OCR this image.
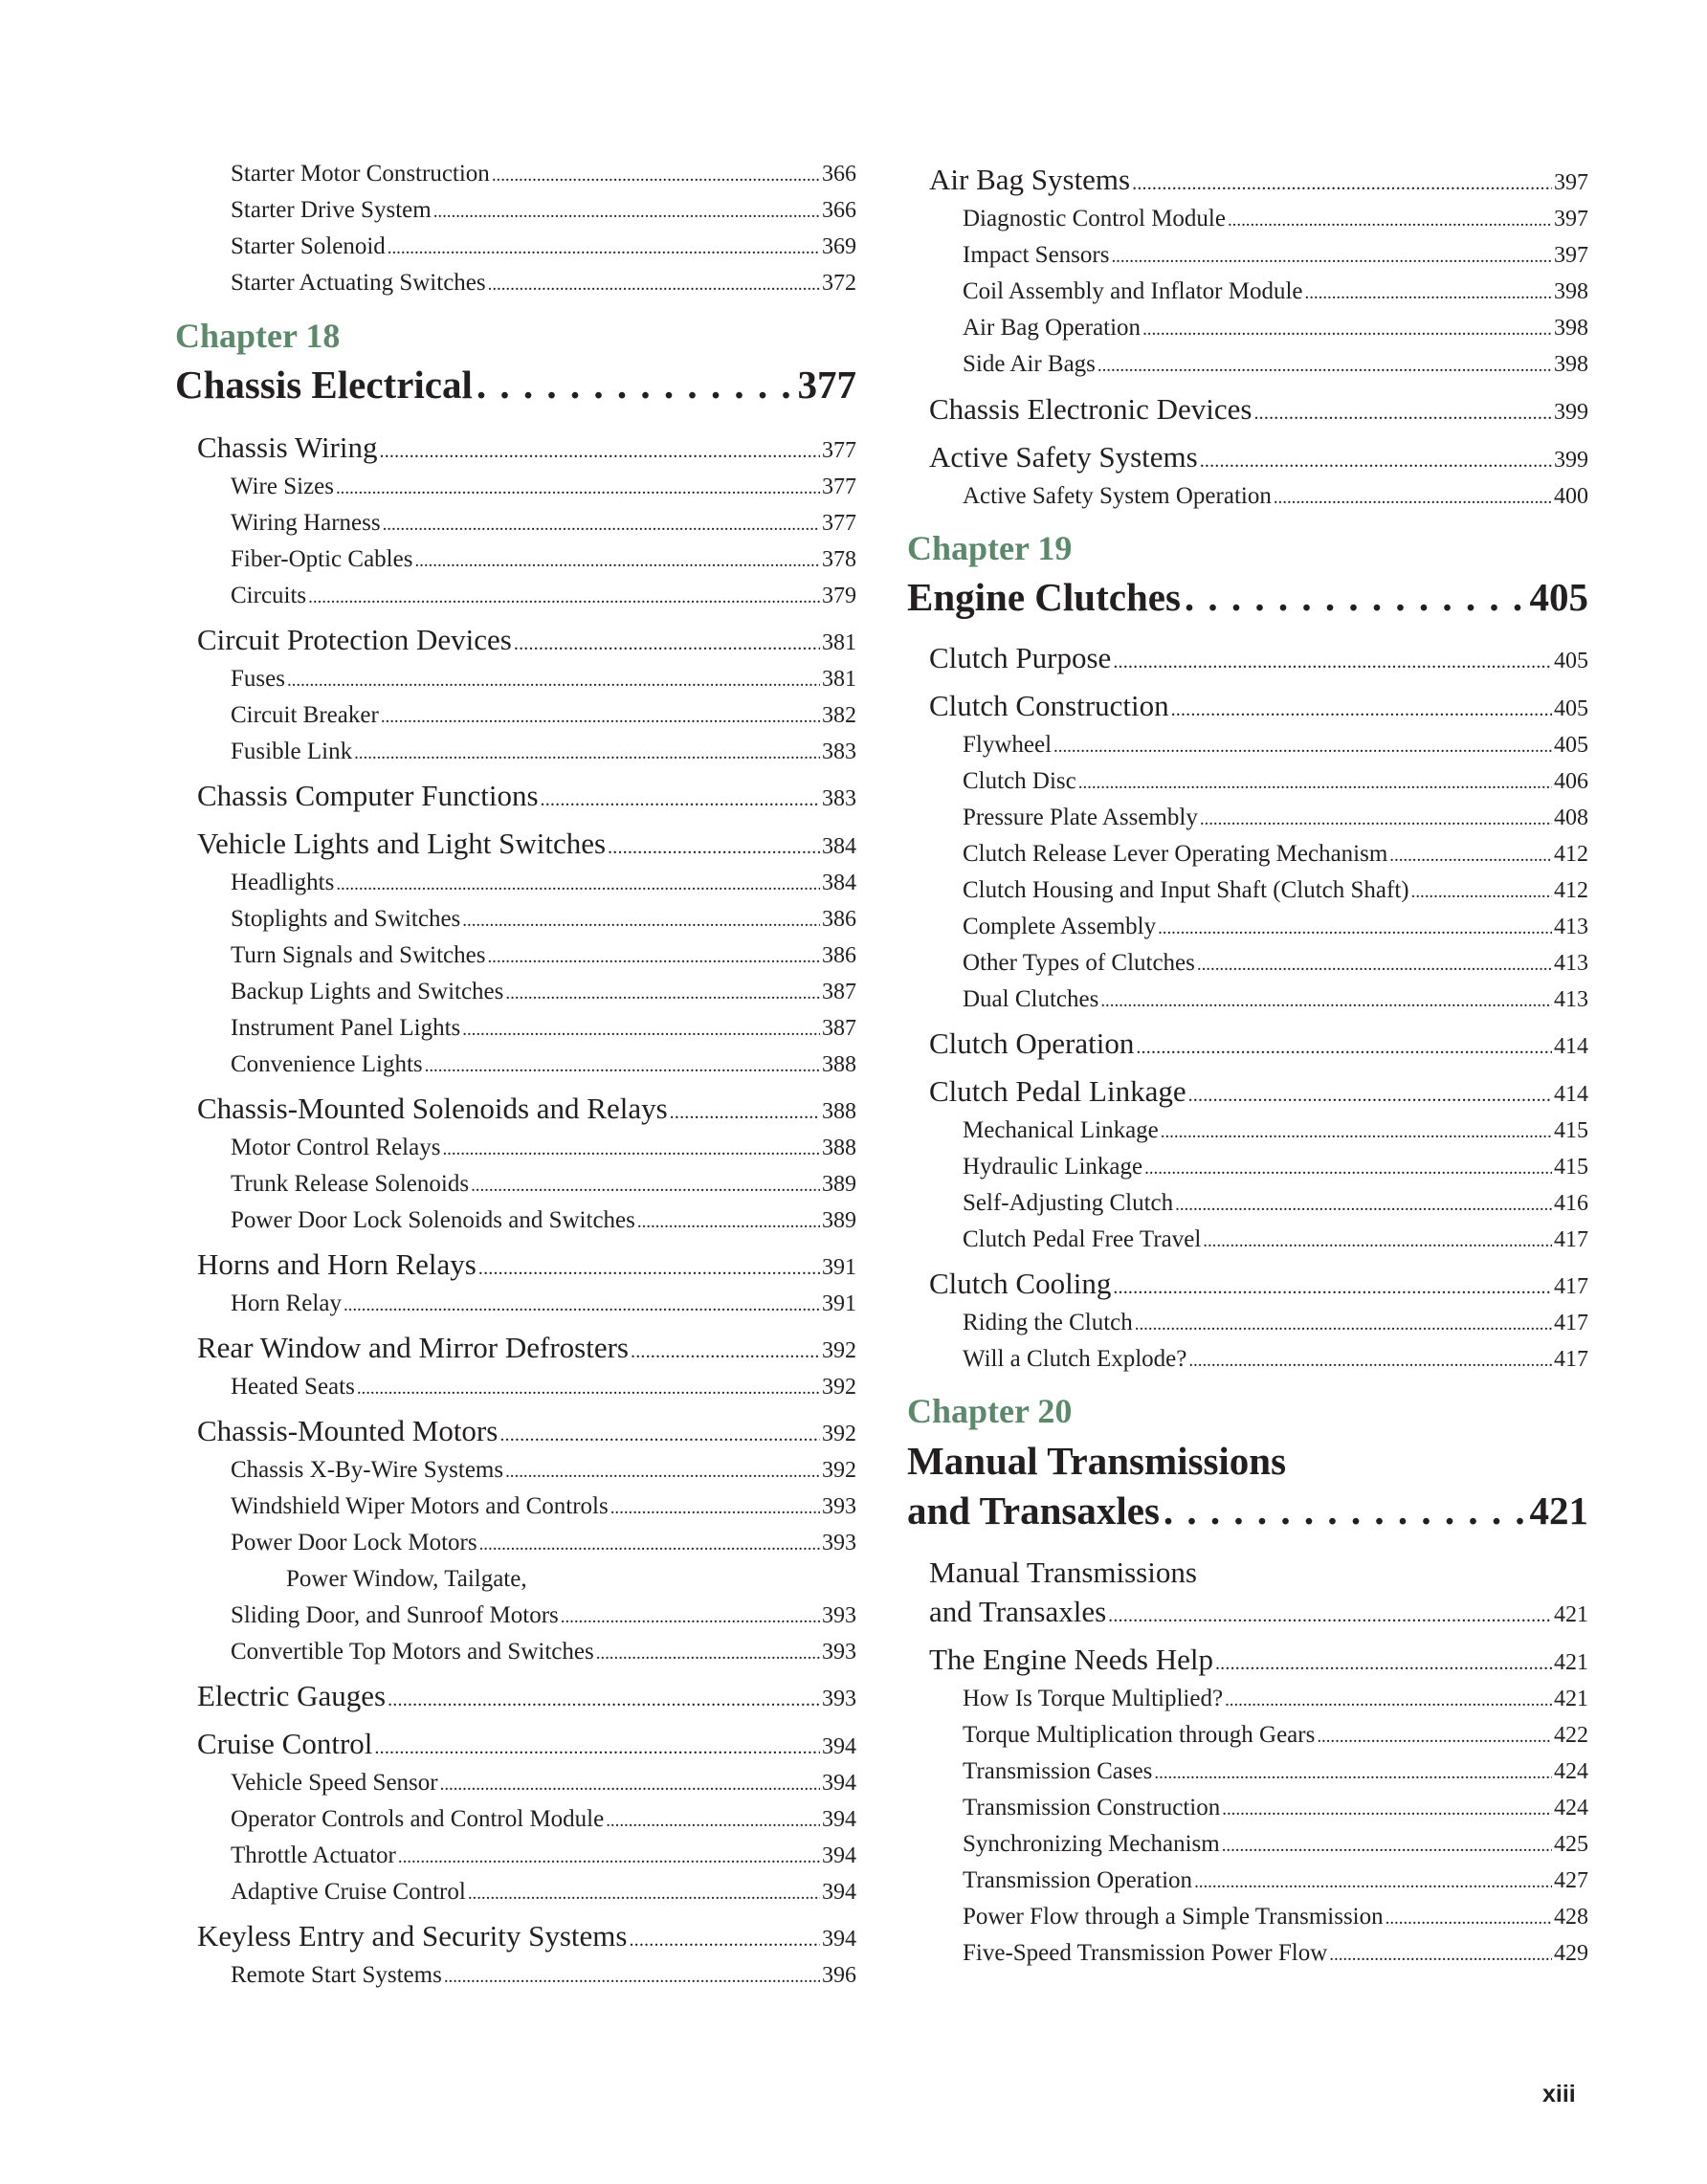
Starter Motor Construction . . .	366
Starter Drive System . . .	366
Starter Solenoid . . .	369
Starter Actuating Switches . . .	372
Chapter 18
Chassis Electrical . . .	377
Chassis Wiring . . .	377
Wire Sizes . . .	377
Wiring Harness . . .	377
Fiber-Optic Cables . . .	378
Circuits . . .	379
Circuit Protection Devices . . .	381
Fuses . . .	381
Circuit Breaker . . .	382
Fusible Link . . .	383
Chassis Computer Functions . . .	383
Vehicle Lights and Light Switches . . .	384
Headlights . . .	384
Stoplights and Switches . . .	386
Turn Signals and Switches . . .	386
Backup Lights and Switches . . .	387
Instrument Panel Lights . . .	387
Convenience Lights . . .	388
Chassis-Mounted Solenoids and Relays . . .	388
Motor Control Relays . . .	388
Trunk Release Solenoids . . .	389
Power Door Lock Solenoids and Switches . . .	389
Horns and Horn Relays . . .	391
Horn Relay . . .	391
Rear Window and Mirror Defrosters . . .	392
Heated Seats . . .	392
Chassis-Mounted Motors . . .	392
Chassis X-By-Wire Systems . . .	392
Windshield Wiper Motors and Controls . . .	393
Power Door Lock Motors . . .	393
Power Window, Tailgate,
Sliding Door, and Sunroof Motors . . .	393
Convertible Top Motors and Switches . . .	393
Electric Gauges . . .	393
Cruise Control . . .	394
Vehicle Speed Sensor . . .	394
Operator Controls and Control Module . . .	394
Throttle Actuator . . .	394
Adaptive Cruise Control . . .	394
Keyless Entry and Security Systems . . .	394
Remote Start Systems . . .	396
Air Bag Systems . . .	397
Diagnostic Control Module . . .	397
Impact Sensors . . .	397
Coil Assembly and Inflator Module . . .	398
Air Bag Operation . . .	398
Side Air Bags . . .	398
Chassis Electronic Devices . . .	399
Active Safety Systems . . .	399
Active Safety System Operation . . .	400
Chapter 19
Engine Clutches . . .	405
Clutch Purpose . . .	405
Clutch Construction . . .	405
Flywheel . . .	405
Clutch Disc . . .	406
Pressure Plate Assembly . . .	408
Clutch Release Lever Operating Mechanism . . .	412
Clutch Housing and Input Shaft (Clutch Shaft) . . .	412
Complete Assembly . . .	413
Other Types of Clutches . . .	413
Dual Clutches . . .	413
Clutch Operation . . .	414
Clutch Pedal Linkage . . .	414
Mechanical Linkage . . .	415
Hydraulic Linkage . . .	415
Self-Adjusting Clutch . . .	416
Clutch Pedal Free Travel . . .	417
Clutch Cooling . . .	417
Riding the Clutch . . .	417
Will a Clutch Explode? . . .	417
Chapter 20
Manual Transmissions
and Transaxles . . .	421
Manual Transmissions
and Transaxles . . .	421
The Engine Needs Help . . .	421
How Is Torque Multiplied? . . .	421
Torque Multiplication through Gears . . .	422
Transmission Cases . . .	424
Transmission Construction . . .	424
Synchronizing Mechanism . . .	425
Transmission Operation . . .	427
Power Flow through a Simple Transmission . . .	428
Five-Speed Transmission Power Flow . . .	429
xiii
